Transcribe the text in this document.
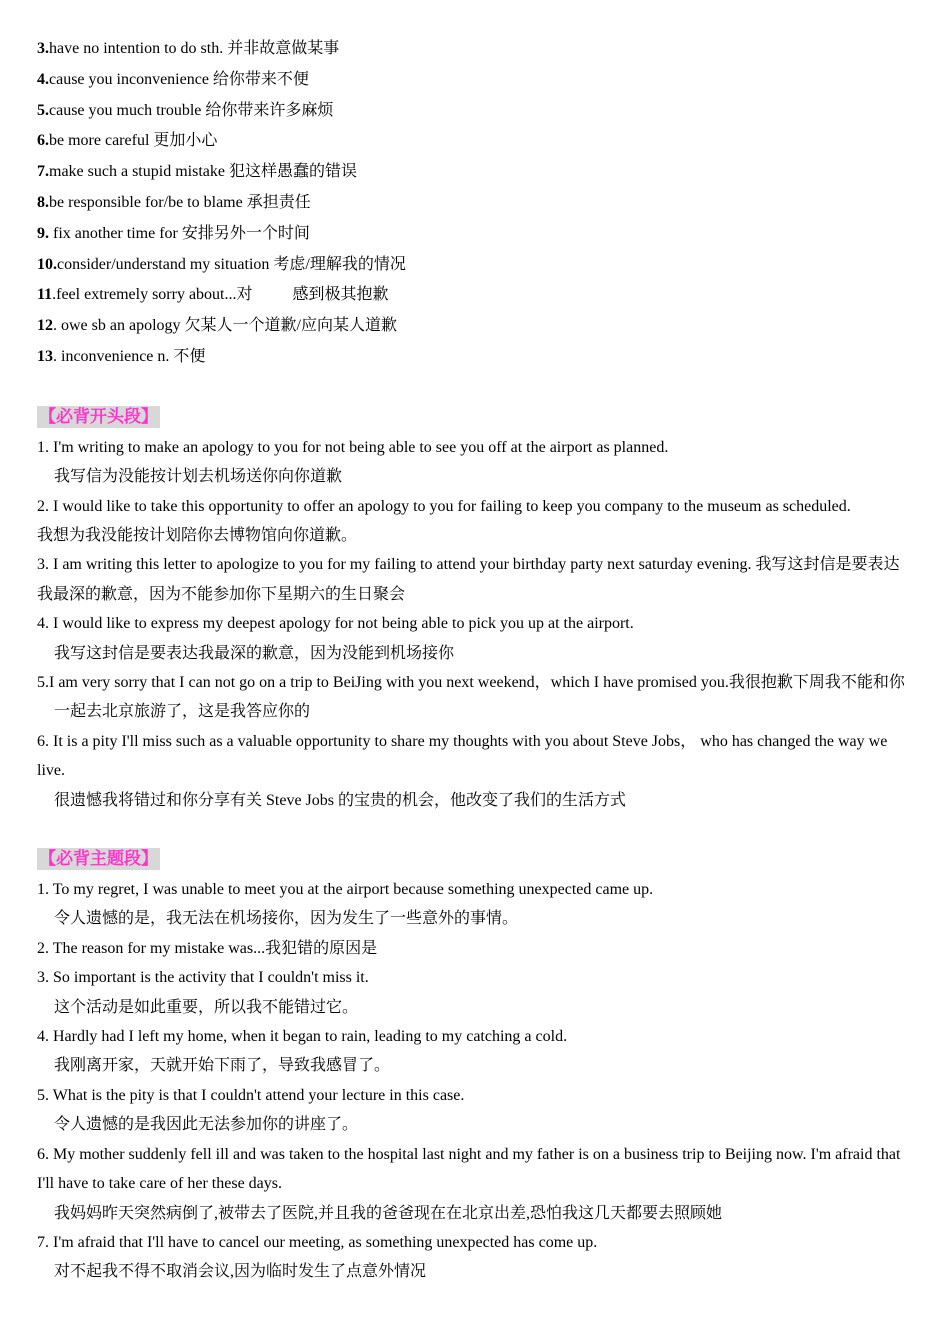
3.have no intention to do sth. 并非故意做某事
4.cause you inconvenience 给你带来不便
5.cause you much trouble 给你带来许多麻烦
6.be more careful 更加小心
7.make such a stupid mistake 犯这样愚蠢的错误
8.be responsible for/be to blame 承担责任
9. fix another time for 安排另外一个时间
10.consider/understand my situation 考虑/理解我的情况
11.feel extremely sorry about...对	感到极其抱歉
12. owe sb an apology 欠某人一个道歉/应向某人道歉
13. inconvenience n. 不便
【必背开头段】
1. I'm writing to make an apology to you for not being able to see you off at the airport as planned.
我写信为没能按计划去机场送你向你道歉
2. I would like to take this opportunity to offer an apology to you for failing to keep you company to the museum as scheduled.
我想为我没能按计划陪你去博物馆向你道歉。
3. I am writing this letter to apologize to you for my failing to attend your birthday party next saturday evening. 我写这封信是要表达我最深的歉意，因为不能参加你下星期六的生日聚会
4. I would like to express my deepest apology for not being able to pick you up at the airport.
我写这封信是要表达我最深的歉意，因为没能到机场接你
5.I am very sorry that I can not go on a trip to BeiJing with you next weekend，which I have promised you.我很抱歉下周我不能和你一起去北京旅游了，这是我答应你的
6. It is a pity I'll miss such as a valuable opportunity to share my thoughts with you about Steve Jobs， who has changed the way we live.
很遗憾我将错过和你分享有关 Steve Jobs 的宝贵的机会，他改变了我们的生活方式
【必背主题段】
1. To my regret, I was unable to meet you at the airport because something unexpected came up.
令人遗憾的是，我无法在机场接你，因为发生了一些意外的事情。
2. The reason for my mistake was...我犯错的原因是
3. So important is the activity that I couldn't miss it.
这个活动是如此重要，所以我不能错过它。
4. Hardly had I left my home, when it began to rain, leading to my catching a cold.
我刚离开家，天就开始下雨了，导致我感冒了。
5. What is the pity is that I couldn't attend your lecture in this case.
令人遗憾的是我因此无法参加你的讲座了。
6. My mother suddenly fell ill and was taken to the hospital last night and my father is on a business trip to Beijing now. I'm afraid that I'll have to take care of her these days.
我妈妈昨天突然病倒了,被带去了医院,并且我的爸爸现在在北京出差,恐怕我这几天都要去照顾她
7. I'm afraid that I'll have to cancel our meeting, as something unexpected has come up.
对不起我不得不取消会议,因为临时发生了点意外情况
